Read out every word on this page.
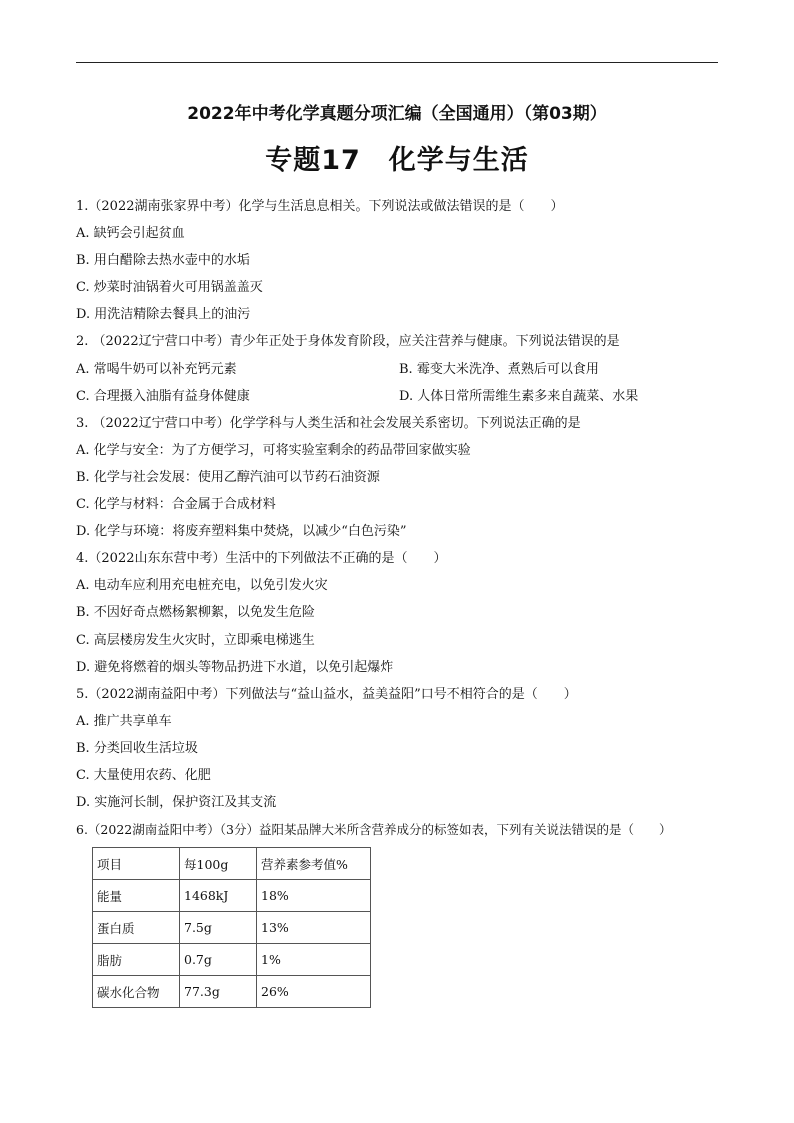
2022年中考化学真题分项汇编（全国通用）（第03期）
专题17　化学与生活
1.（2022湖南张家界中考）化学与生活息息相关。下列说法或做法错误的是（　　）
A. 缺钙会引起贫血
B. 用白醋除去热水壶中的水垢
C. 炒菜时油锅着火可用锅盖盖灭
D. 用洗洁精除去餐具上的油污
2. （2022辽宁营口中考）青少年正处于身体发育阶段，应关注营养与健康。下列说法错误的是
A. 常喝牛奶可以补充钙元素	B. 霉变大米洗净、煮熟后可以食用
C. 合理摄入油脂有益身体健康	D. 人体日常所需维生素多来自蔬菜、水果
3. （2022辽宁营口中考）化学学科与人类生活和社会发展关系密切。下列说法正确的是
A. 化学与安全：为了方便学习，可将实验室剩余的药品带回家做实验
B. 化学与社会发展：使用乙醇汽油可以节药石油资源
C. 化学与材料：合金属于合成材料
D. 化学与环境：将废弃塑料集中焚烧，以减少“白色污染”
4.（2022山东东营中考）生活中的下列做法不正确的是（　　）
A. 电动车应利用充电桩充电，以免引发火灾
B. 不因好奇点燃杨絮柳絮，以免发生危险
C. 高层楼房发生火灾时，立即乘电梯逃生
D. 避免将燃着的烟头等物品扔进下水道，以免引起爆炸
5.（2022湖南益阳中考）下列做法与“益山益水，益美益阳”口号不相符合的是（　　）
A. 推广共享单车
B. 分类回收生活垃圾
C. 大量使用农药、化肥
D. 实施河长制，保护资江及其支流
6.（2022湖南益阳中考）（3分）益阳某品牌大米所含营养成分的标签如表，下列有关说法错误的是（　　）
项目	每100g	营养素参考值%
能量	1468kJ	18%
蛋白质	7.5g	13%
脂肪	0.7g	1%
碳水化合物	77.3g	26%
